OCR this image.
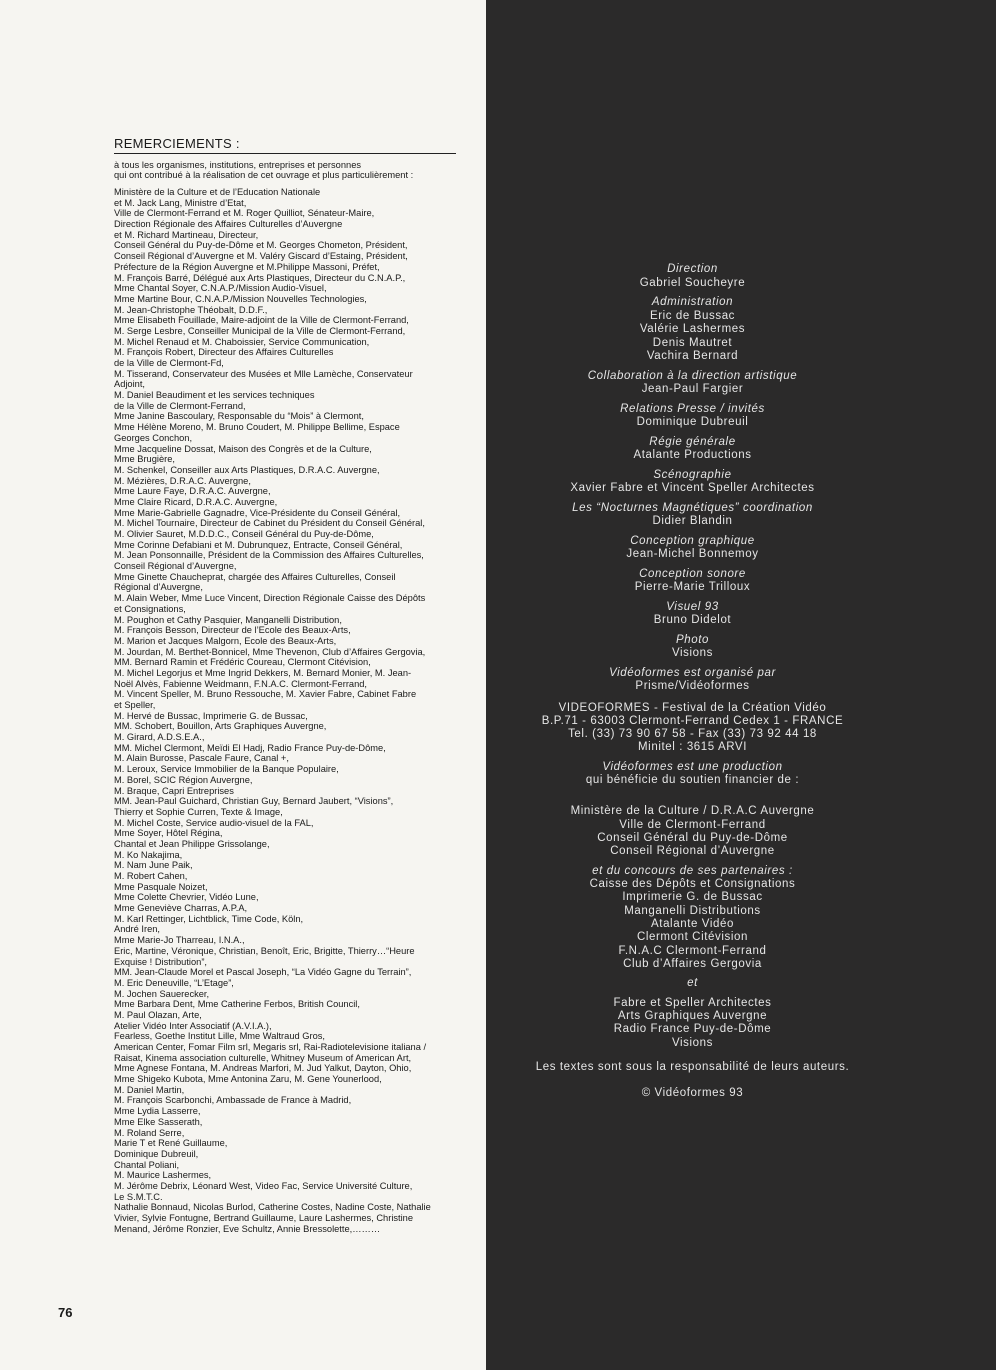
REMERCIEMENTS :
à tous les organismes, institutions, entreprises et personnes
qui ont contribué à la réalisation de cet ouvrage et plus particulièrement :
Ministère de la Culture et de l’Education Nationale
et M. Jack Lang, Ministre d’Etat,
Ville de Clermont-Ferrand et M. Roger Quilliot, Sénateur-Maire,
Direction Régionale des Affaires Culturelles d’Auvergne
et M. Richard Martineau, Directeur,
Conseil Général du Puy-de-Dôme et M. Georges Chometon, Président,
Conseil Régional d’Auvergne et M. Valéry Giscard d’Estaing, Président,
Préfecture de la Région Auvergne et M.Philippe Massoni, Préfet,
M. François Barré, Délégué aux Arts Plastiques, Directeur du C.N.A.P.,
Mme Chantal Soyer, C.N.A.P./Mission Audio-Visuel,
Mme Martine Bour, C.N.A.P./Mission Nouvelles Technologies,
M. Jean-Christophe Théobalt, D.D.F.,
Mme Elisabeth Fouillade, Maire-adjoint de la Ville de Clermont-Ferrand,
M. Serge Lesbre, Conseiller Municipal de la Ville de Clermont-Ferrand,
M. Michel Renaud et M. Chaboissier, Service Communication,
M. François Robert, Directeur des Affaires Culturelles
de la Ville de Clermont-Fd,
M. Tisserand, Conservateur des Musées et Mlle Lamèche, Conservateur
Adjoint,
M. Daniel Beaudiment et les services techniques
de la Ville de Clermont-Ferrand,
Mme Janine Bascoulary, Responsable du “Mois” à Clermont,
Mme Hélène Moreno, M. Bruno Coudert, M. Philippe Bellime, Espace
Georges Conchon,
Mme Jacqueline Dossat, Maison des Congrès et de la Culture,
Mme Brugière,
M. Schenkel, Conseiller aux Arts Plastiques, D.R.A.C. Auvergne,
M. Mézières, D.R.A.C. Auvergne,
Mme Laure Faye, D.R.A.C. Auvergne,
Mme Claire Ricard, D.R.A.C. Auvergne,
Mme Marie-Gabrielle Gagnadre, Vice-Présidente du Conseil Général,
M. Michel Tournaire, Directeur de Cabinet du Président du Conseil Général,
M. Olivier Sauret, M.D.D.C., Conseil Général du Puy-de-Dôme,
Mme Corinne Defabiani et M. Dubrunquez, Entracte, Conseil Général,
M. Jean Ponsonnaille, Président de la Commission des Affaires Culturelles,
Conseil Régional d’Auvergne,
Mme Ginette Chaucheprat, chargée des Affaires Culturelles, Conseil
Régional d’Auvergne,
M. Alain Weber, Mme Luce Vincent, Direction Régionale Caisse des Dépôts
et Consignations,
M. Poughon et Cathy Pasquier, Manganelli Distribution,
M. François Besson, Directeur de l’Ecole des Beaux-Arts,
M. Marion et Jacques Malgorn, Ecole des Beaux-Arts,
M. Jourdan, M. Berthet-Bonnicel, Mme Thevenon, Club d’Affaires Gergovia,
MM. Bernard Ramin et Frédéric Coureau, Clermont Citévision,
M. Michel Legorjus et Mme Ingrid Dekkers, M. Bernard Monier, M. Jean-
Noël Alvès, Fabienne Weidmann, F.N.A.C. Clermont-Ferrand,
M. Vincent Speller, M. Bruno Ressouche, M. Xavier Fabre, Cabinet Fabre
et Speller,
M. Hervé de Bussac, Imprimerie G. de Bussac,
MM. Schobert, Bouillon, Arts Graphiques Auvergne,
M. Girard, A.D.S.E.A.,
MM. Michel Clermont, Meïdi El Hadj, Radio France Puy-de-Dôme,
M. Alain Burosse, Pascale Faure, Canal +,
M. Leroux, Service Immobilier de la Banque Populaire,
M. Borel, SCIC Région Auvergne,
M. Braque, Capri Entreprises
MM. Jean-Paul Guichard, Christian Guy, Bernard Jaubert, “Visions”,
Thierry et Sophie Curren, Texte & Image,
M. Michel Coste, Service audio-visuel de la FAL,
Mme Soyer, Hôtel Régina,
Chantal et Jean Philippe Grissolange,
M. Ko Nakajima,
M. Nam June Paik,
M. Robert Cahen,
Mme Pasquale Noizet,
Mme Colette Chevrier, Vidéo Lune,
Mme Geneviève Charras, A.P.A,
M. Karl Rettinger, Lichtblick, Time Code, Köln,
André Iren,
Mme Marie-Jo Tharreau, I.N.A.,
Eric, Martine, Véronique, Christian, Benoît, Eric, Brigitte, Thierry…“Heure
Exquise ! Distribution”,
MM. Jean-Claude Morel et Pascal Joseph, “La Vidéo Gagne du Terrain”,
M. Eric Deneuville, “L’Etage”,
M. Jochen Sauerecker,
Mme Barbara Dent, Mme Catherine Ferbos, British Council,
M. Paul Olazan, Arte,
Atelier Vidéo Inter Associatif (A.V.I.A.),
Fearless, Goethe Institut Lille, Mme Waltraud Gros,
American Center, Fomar Film srl, Megaris srl, Rai-Radiotelevisione italiana /
Raisat, Kinema association culturelle, Whitney Museum of American Art,
Mme Agnese Fontana, M. Andreas Marfori, M. Jud Yalkut, Dayton, Ohio,
Mme Shigeko Kubota, Mme Antonina Zaru, M. Gene Younerlood,
M. Daniel Martin,
M. François Scarbonchi, Ambassade de France à Madrid,
Mme Lydia Lasserre,
Mme Elke Sasserath,
M. Roland Serre,
Marie T et René Guillaume,
Dominique Dubreuil,
Chantal Poliani,
M. Maurice Lashermes,
M. Jérôme Debrix, Léonard West, Video Fac, Service Université Culture,
Le S.M.T.C.
Nathalie Bonnaud, Nicolas Burlod, Catherine Costes, Nadine Coste, Nathalie
Vivier, Sylvie Fontugne, Bertrand Guillaume, Laure Lashermes, Christine
Menand, Jérôme Ronzier, Eve Schultz, Annie Bressolette,………
76
Direction
Gabriel Soucheyre
Administration
Eric de Bussac
Valérie Lashermes
Denis Mautret
Vachira Bernard
Collaboration à la direction artistique
Jean-Paul Fargier
Relations Presse / invités
Dominique Dubreuil
Régie générale
Atalante Productions
Scénographie
Xavier Fabre et Vincent Speller Architectes
Les “Nocturnes Magnétiques” coordination
Didier Blandin
Conception graphique
Jean-Michel Bonnemoy
Conception sonore
Pierre-Marie Trilloux
Visuel 93
Bruno Didelot
Photo
Visions
Vidéoformes est organisé par
Prisme/Vidéoformes
VIDEOFORMES - Festival de la Création Vidéo
B.P.71 - 63003 Clermont-Ferrand Cedex 1 - FRANCE
Tel. (33) 73 90 67 58 - Fax (33) 73 92 44 18
Minitel : 3615 ARVI
Vidéoformes est une production
qui bénéficie du soutien financier de :
Ministère de la Culture / D.R.A.C Auvergne
Ville de Clermont-Ferrand
Conseil Général du Puy-de-Dôme
Conseil Régional d’Auvergne
et du concours de ses partenaires :
Caisse des Dépôts et Consignations
Imprimerie G. de Bussac
Manganelli Distributions
Atalante Vidéo
Clermont Citévision
F.N.A.C Clermont-Ferrand
Club d’Affaires Gergovia
et
Fabre et Speller Architectes
Arts Graphiques Auvergne
Radio France Puy-de-Dôme
Visions
Les textes sont sous la responsabilité de leurs auteurs.
© Vidéoformes 93
